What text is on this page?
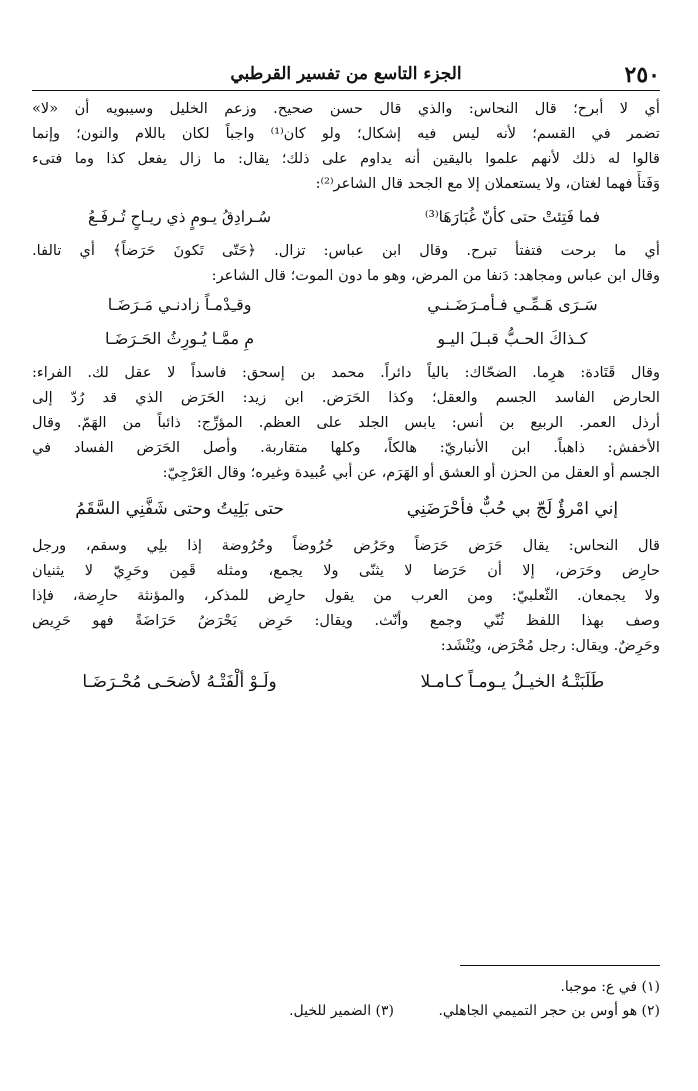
٢٥٠
الجزء التاسع من تفسير القرطبي
أي لا أبرح؛ قال النحاس: والذي قال حسن صحيح. وزعم الخليل وسيبويه أن «لا»
تضمر في القسم؛ لأنه ليس فيه إشكال؛ ولو كان⁽¹⁾ واجباً لكان باللام والنون؛ وإنما
قالوا له ذلك لأنهم علموا باليقين أنه يداوم على ذلك؛ يقال: ما زال يفعل كذا وما فتىء
وَفَتأَ فهما لغتان، ولا يستعملان إلا مع الجحد قال الشاعر⁽²⁾:
فما فَتِئتْ حتى كأنّ غُبَارَهَا⁽³⁾
سُـرادِقُ يـومٍ ذي ريـاحٍ تُـرفَـعُ
أي ما برحت فتفتأ تبرح. وقال ابن عباس: تزال. ﴿حَتّى تَكونَ حَرَضاً﴾ أي تالفا.
وقال ابن عباس ومجاهد: دَنفا من المرض، وهو ما دون الموت؛ قال الشاعر:
سَـرَى هَـمِّـي فـأمـرَضَـنـي
وقـِدْمـاً زادنـي مَـرَضَـا
كـذاكَ الحـبُّ قبـلَ اليـو
مِ ممَّـا يُـورِثُ الحَـرَضَـا
وقال قَتَادة: هرِما. الضحّاك: بالياً دائراً. محمد بن إسحق: فاسداً لا عقل لك. الفراء:
الحارض الفاسد الجسم والعقل؛ وكذا الحَرَض. ابن زيد: الحَرَض الذي قد رُدّ إلى
أرذل العمر. الربيع بن أنس: يابس الجلد على العظم. المؤرِّج: ذائباً من الهَمّ. وقال
الأخفش: ذاهباً. ابن الأنباريّ: هالكاً، وكلها متقاربة. وأصل الحَرَض الفساد في
الجسم أو العقل من الحزن أو العشق أو الهَرَم، عن أبي عُبيدة وغيره؛ وقال العَرْجِيّ:
إني امْرؤٌ لَجّ بي حُبٌّ فأحْرَضَنِي
حتى بَلِيتُ وحتى شَفَّنِي السَّقَمُ
قال النحاس: يقال حَرَض حَرَضاً وحَرُض حُرُوضاً وحُرُوضة إذا بلِي وسقم، ورجل
حارِض وحَرَض، إلا أن حَرَضا لا يثنّى ولا يجمع، ومثله قَمِن وحَرِيّ لا يثنيان
ولا يجمعان. الثّعلبيّ: ومن العرب من يقول حارِض للمذكر، والمؤنثة حارِضة، فإذا
وصف بهذا اللفظ ثُنّي وجمع وأنّث. ويقال: حَرِض يَحْرَضُ حَرَاضَةً فهو حَرِيض
وحَرِضٌ. ويقال: رجل مُحْرَض، ويُنْشَد:
طَلَبَتْـهُ الخيـلُ يـومـاً كـامـلا
ولَـوْ ألْفَتْـهُ لأضحَـى مُحْـرَضَـا
(١) في ع: موجبا.
(٢) هو أوس بن حجر التميمي الجاهلي. (٣) الضمير للخيل.
